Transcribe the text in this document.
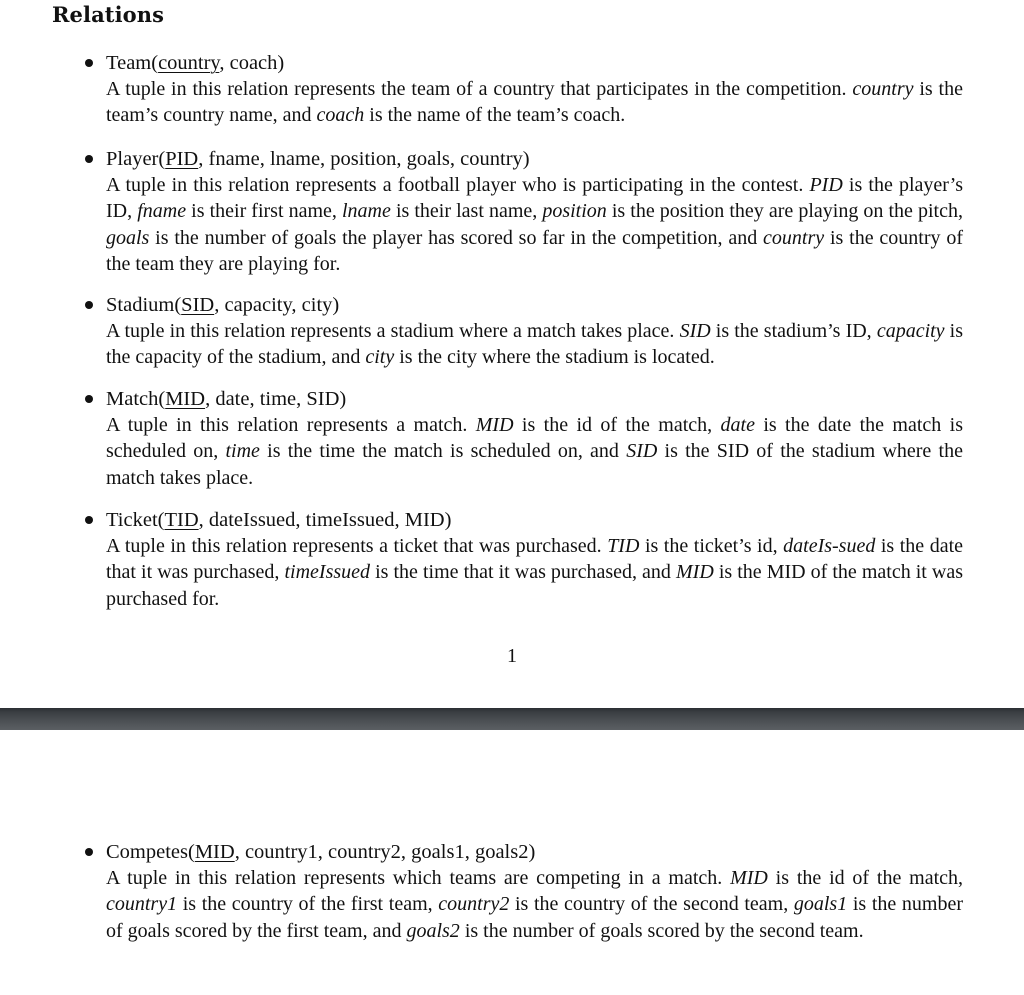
Relations
Team(country, coach)
A tuple in this relation represents the team of a country that participates in the competition. country is the team’s country name, and coach is the name of the team’s coach.
Player(PID, fname, lname, position, goals, country)
A tuple in this relation represents a football player who is participating in the contest. PID is the player’s ID, fname is their first name, lname is their last name, position is the position they are playing on the pitch, goals is the number of goals the player has scored so far in the competition, and country is the country of the team they are playing for.
Stadium(SID, capacity, city)
A tuple in this relation represents a stadium where a match takes place. SID is the stadium’s ID, capacity is the capacity of the stadium, and city is the city where the stadium is located.
Match(MID, date, time, SID)
A tuple in this relation represents a match. MID is the id of the match, date is the date the match is scheduled on, time is the time the match is scheduled on, and SID is the SID of the stadium where the match takes place.
Ticket(TID, dateIssued, timeIssued, MID)
A tuple in this relation represents a ticket that was purchased. TID is the ticket’s id, dateIs-sued is the date that it was purchased, timeIssued is the time that it was purchased, and MID is the MID of the match it was purchased for.
1
Competes(MID, country1, country2, goals1, goals2)
A tuple in this relation represents which teams are competing in a match. MID is the id of the match, country1 is the country of the first team, country2 is the country of the second team, goals1 is the number of goals scored by the first team, and goals2 is the number of goals scored by the second team.
